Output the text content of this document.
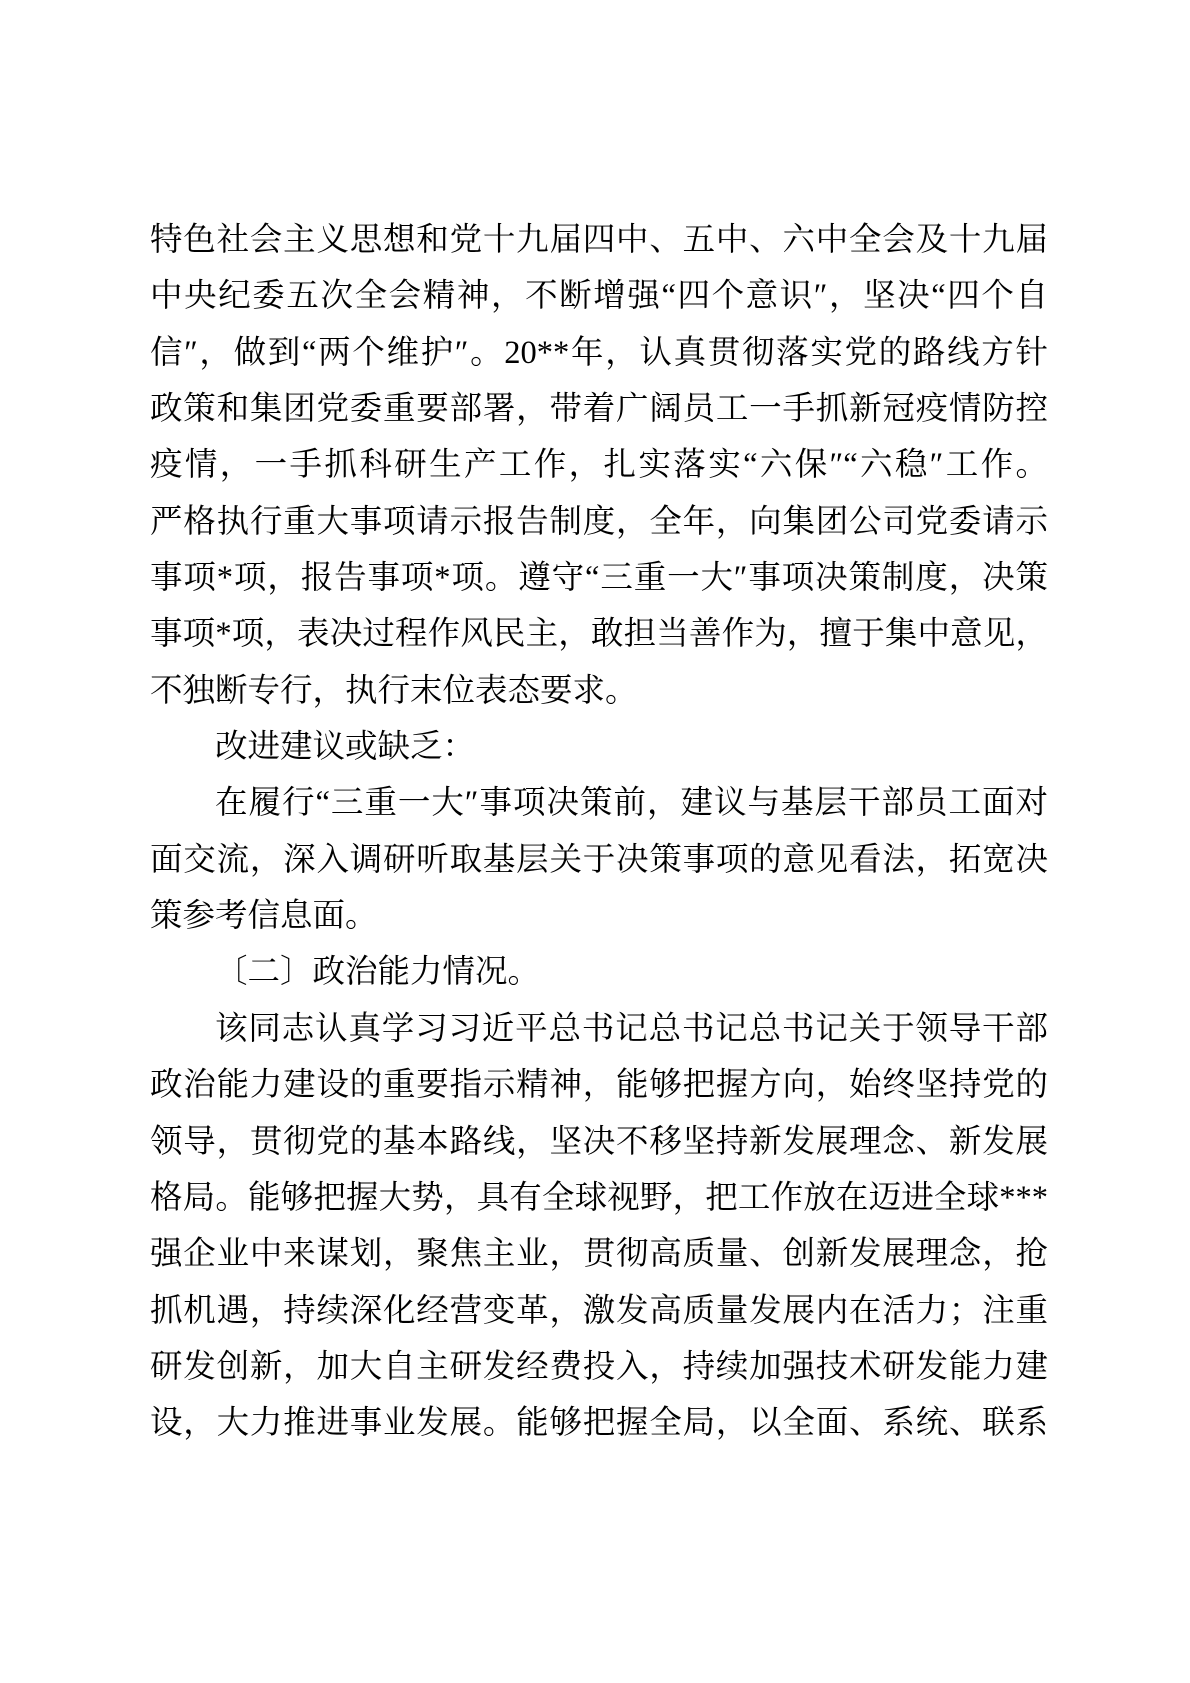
特色社会主义思想和党十九届四中、五中、六中全会及十九届
中央纪委五次全会精神，不断增强“四个意识″，坚决“四个自
信″，做到“两个维护″。20**年，认真贯彻落实党的路线方针
政策和集团党委重要部署，带着广阔员工一手抓新冠疫情防控
疫情，一手抓科研生产工作，扎实落实“六保″“六稳″工作。
严格执行重大事项请示报告制度，全年，向集团公司党委请示
事项*项，报告事项*项。遵守“三重一大″事项决策制度，决策
事项*项，表决过程作风民主，敢担当善作为，擅于集中意见，
不独断专行，执行末位表态要求。
改进建议或缺乏：
在履行“三重一大″事项决策前，建议与基层干部员工面对
面交流，深入调研听取基层关于决策事项的意见看法，拓宽决
策参考信息面。
〔二〕政治能力情况。
该同志认真学习习近平总书记总书记总书记关于领导干部
政治能力建设的重要指示精神，能够把握方向，始终坚持党的
领导，贯彻党的基本路线，坚决不移坚持新发展理念、新发展
格局。能够把握大势，具有全球视野，把工作放在迈进全球***
强企业中来谋划，聚焦主业，贯彻高质量、创新发展理念，抢
抓机遇，持续深化经营变革，激发高质量发展内在活力；注重
研发创新，加大自主研发经费投入，持续加强技术研发能力建
设，大力推进事业发展。能够把握全局，以全面、系统、联系
